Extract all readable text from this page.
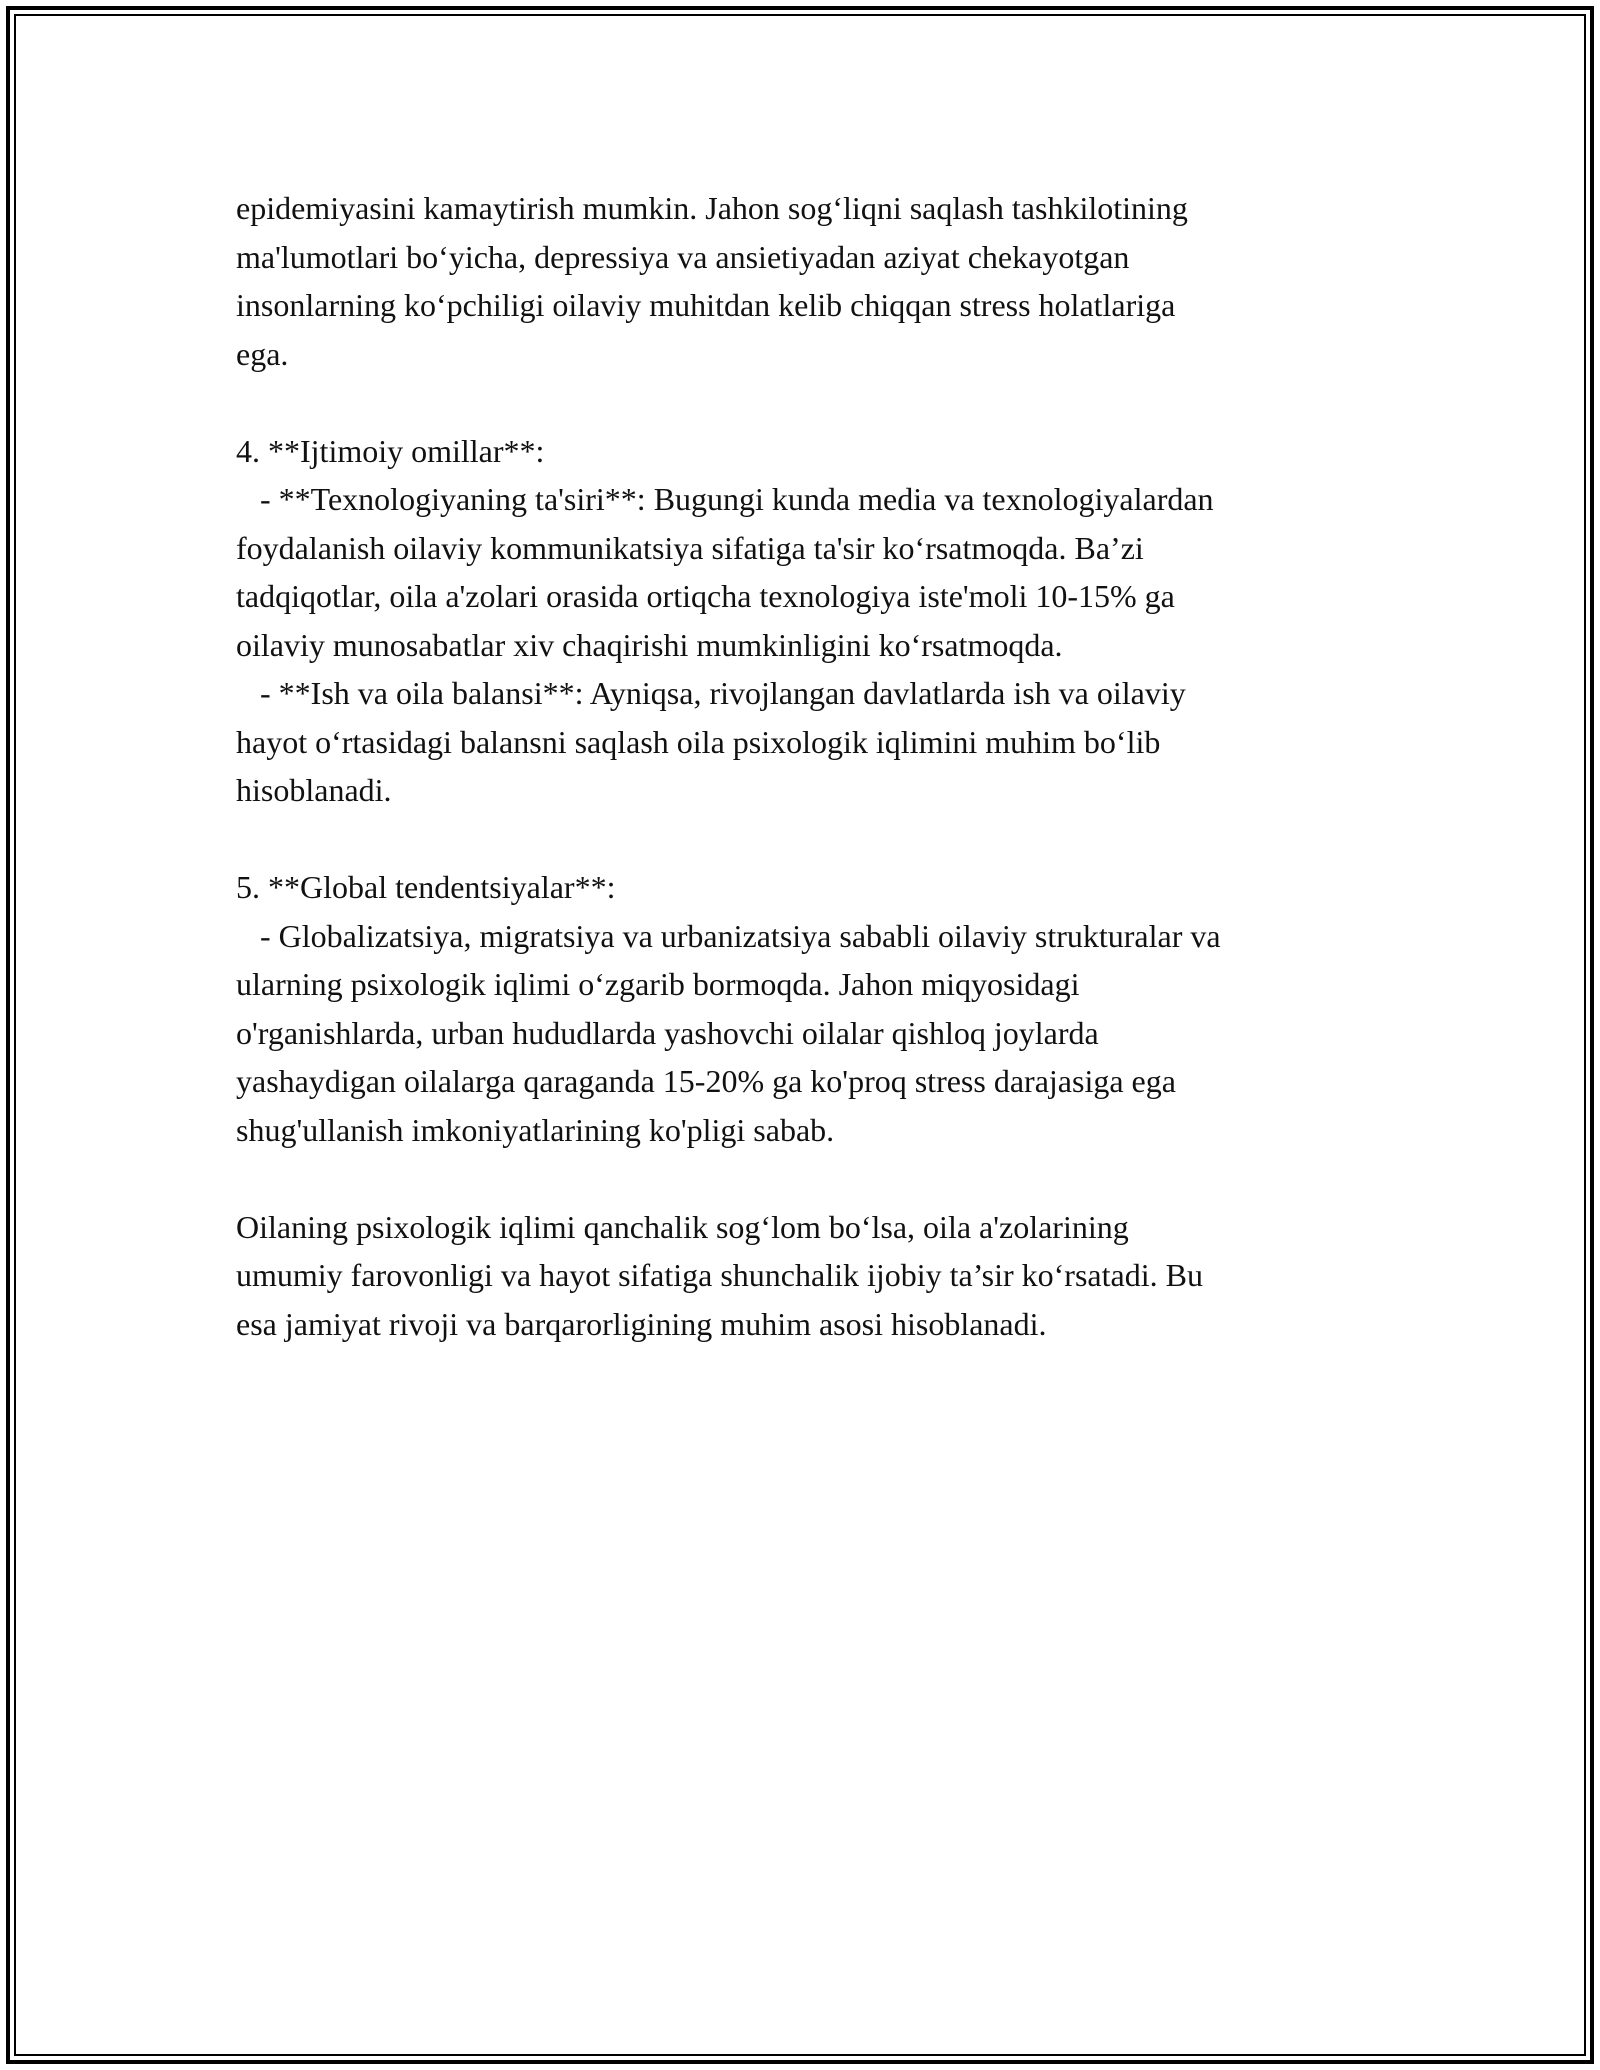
epidemiyasini kamaytirish mumkin. Jahon sog‘liqni saqlash tashkilotining
ma'lumotlari bo‘yicha, depressiya va ansietiyadan aziyat chekayotgan
insonlarning ko‘pchiligi oilaviy muhitdan kelib chiqqan stress holatlariga
ega.
4. **Ijtimoiy omillar**:
- **Texnologiyaning ta'siri**: Bugungi kunda media va texnologiyalardan
foydalanish oilaviy kommunikatsiya sifatiga ta'sir ko‘rsatmoqda. Ba’zi
tadqiqotlar, oila a'zolari orasida ortiqcha texnologiya iste'moli 10-15% ga
oilaviy munosabatlar xiv chaqirishi mumkinligini ko‘rsatmoqda.
- **Ish va oila balansi**: Ayniqsa, rivojlangan davlatlarda ish va oilaviy
hayot o‘rtasidagi balansni saqlash oila psixologik iqlimini muhim bo‘lib
hisoblanadi.
5. **Global tendentsiyalar**:
- Globalizatsiya, migratsiya va urbanizatsiya sababli oilaviy strukturalar va
ularning psixologik iqlimi o‘zgarib bormoqda. Jahon miqyosidagi
o'rganishlarda, urban hududlarda yashovchi oilalar qishloq joylarda
yashaydigan oilalarga qaraganda 15-20% ga ko'proq stress darajasiga ega
shug'ullanish imkoniyatlarining ko'pligi sabab.
Oilaning psixologik iqlimi qanchalik sog‘lom bo‘lsa, oila a'zolarining
umumiy farovonligi va hayot sifatiga shunchalik ijobiy ta’sir ko‘rsatadi. Bu
esa jamiyat rivoji va barqarorligining muhim asosi hisoblanadi.
